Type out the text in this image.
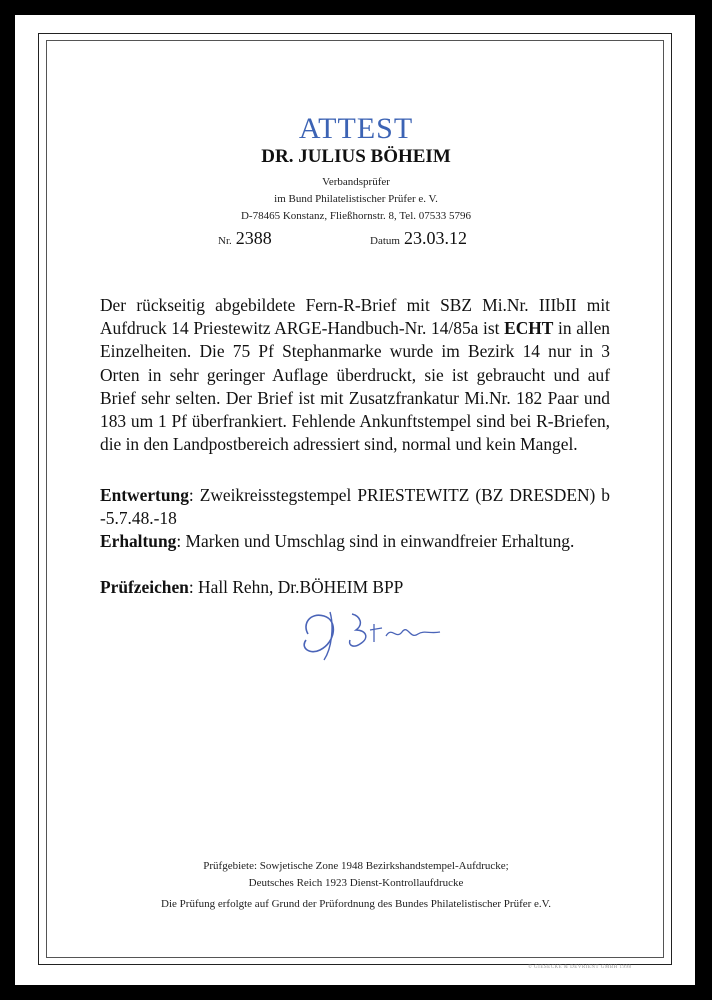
ATTEST
DR. JULIUS BÖHEIM
Verbandsprüfer
im Bund Philatelistischer Prüfer e. V.
D-78465 Konstanz, Fließhornstr. 8, Tel. 07533 5796
Nr. 2388	Datum 23.03.12
Der rückseitig abgebildete Fern-R-Brief mit SBZ Mi.Nr. IIIbII mit Aufdruck 14 Priestewitz ARGE-Handbuch-Nr. 14/85a ist ECHT in allen Einzelheiten. Die 75 Pf Stephanmarke wurde im Bezirk 14 nur in 3 Orten in sehr geringer Auflage überdruckt, sie ist gebraucht und auf Brief sehr selten. Der Brief ist mit Zusatzfrankatur Mi.Nr. 182 Paar und 183 um 1 Pf überfrankiert. Fehlende Ankunftstempel sind bei R-Briefen, die in den Landpostbereich adressiert sind, normal und kein Mangel.
Entwertung: Zweikreisstegstempel PRIESTEWITZ (BZ DRESDEN) b -5.7.48.-18
Erhaltung: Marken und Umschlag sind in einwandfreier Erhaltung.
Prüfzeichen: Hall Rehn, Dr.BÖHEIM BPP
Prüfgebiete: Sowjetische Zone 1948 Bezirkshandstempel-Aufdrucke;
Deutsches Reich 1923 Dienst-Kontrollaufdrucke
Die Prüfung erfolgte auf Grund der Prüfordnung des Bundes Philatelistischer Prüfer e.V.
© GIESECKE & DEVRIENT GMBH 1998
